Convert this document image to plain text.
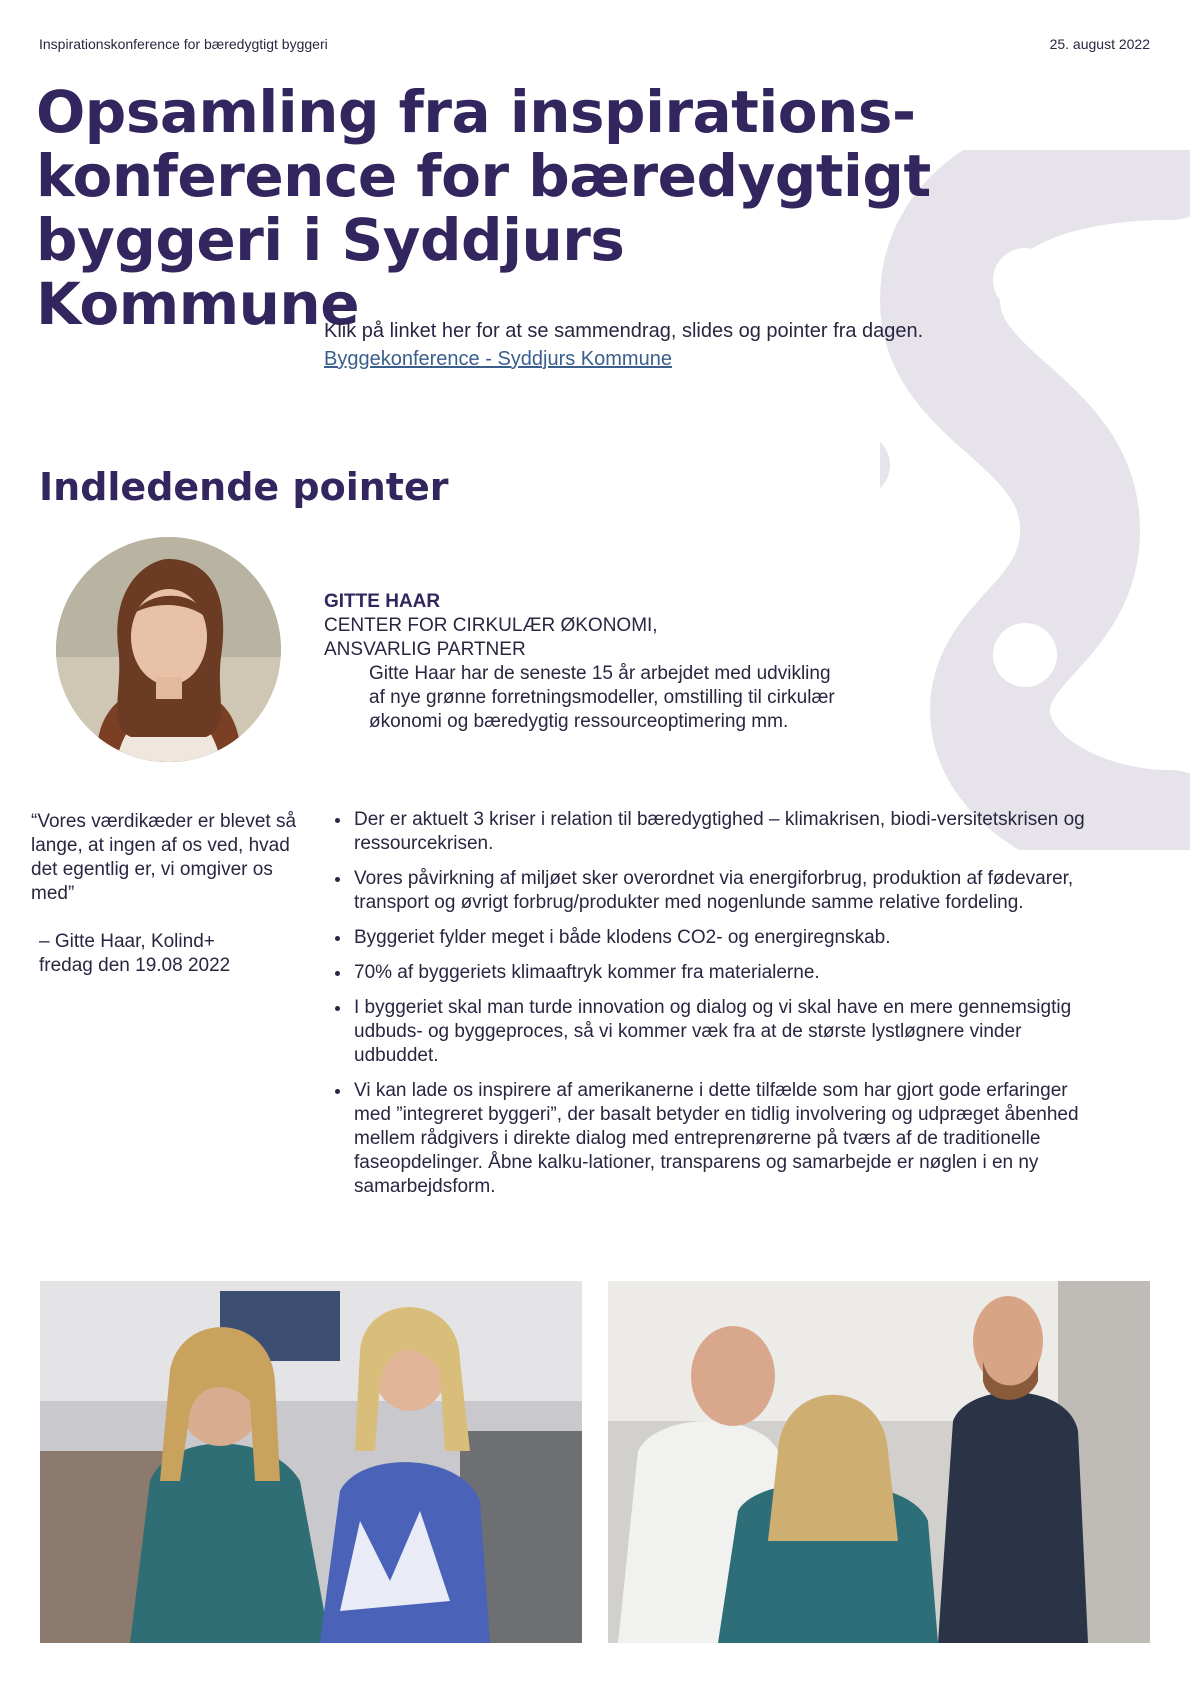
Inspirationskonference for bæredygtigt byggeri	25. august 2022
Opsamling fra inspirations-
konference for bæredygtigt
byggeri i Syddjurs Kommune
Klik på linket her for at se sammendrag, slides og pointer fra dagen.
Byggekonference - Syddjurs Kommune
Indledende pointer
GITTE HAAR
CENTER FOR CIRKULÆR ØKONOMI,
ANSVARLIG PARTNER
Gitte Haar har de seneste 15 år arbejdet med udvikling af nye grønne forretningsmodeller, omstilling til cirkulær økonomi og bæredygtig ressourceoptimering mm.
“Vores værdikæder er blevet så lange, at ingen af os ved, hvad det egentlig er, vi omgiver os med”
– Gitte Haar, Kolind+
fredag den 19.08 2022
• Der er aktuelt 3 kriser i relation til bæredygtighed – klimakrisen, biodi-versitetskrisen og ressourcekrisen.
• Vores påvirkning af miljøet sker overordnet via energiforbrug, produktion af fødevarer, transport og øvrigt forbrug/produkter med nogenlunde samme relative fordeling.
• Byggeriet fylder meget i både klodens CO2- og energiregnskab.
• 70% af byggeriets klimaaftryk kommer fra materialerne.
• I byggeriet skal man turde innovation og dialog og vi skal have en mere gennemsigtig udbuds- og byggeproces, så vi kommer væk fra at de største lystløgnere vinder udbuddet.
• Vi kan lade os inspirere af amerikanerne i dette tilfælde som har gjort gode erfaringer med ”integreret byggeri”, der basalt betyder en tidlig involvering og udpræget åbenhed mellem rådgivers i direkte dialog med entreprenørerne på tværs af de traditionelle faseopdelinger. Åbne kalku-lationer, transparens og samarbejde er nøglen i en ny samarbejdsform.
